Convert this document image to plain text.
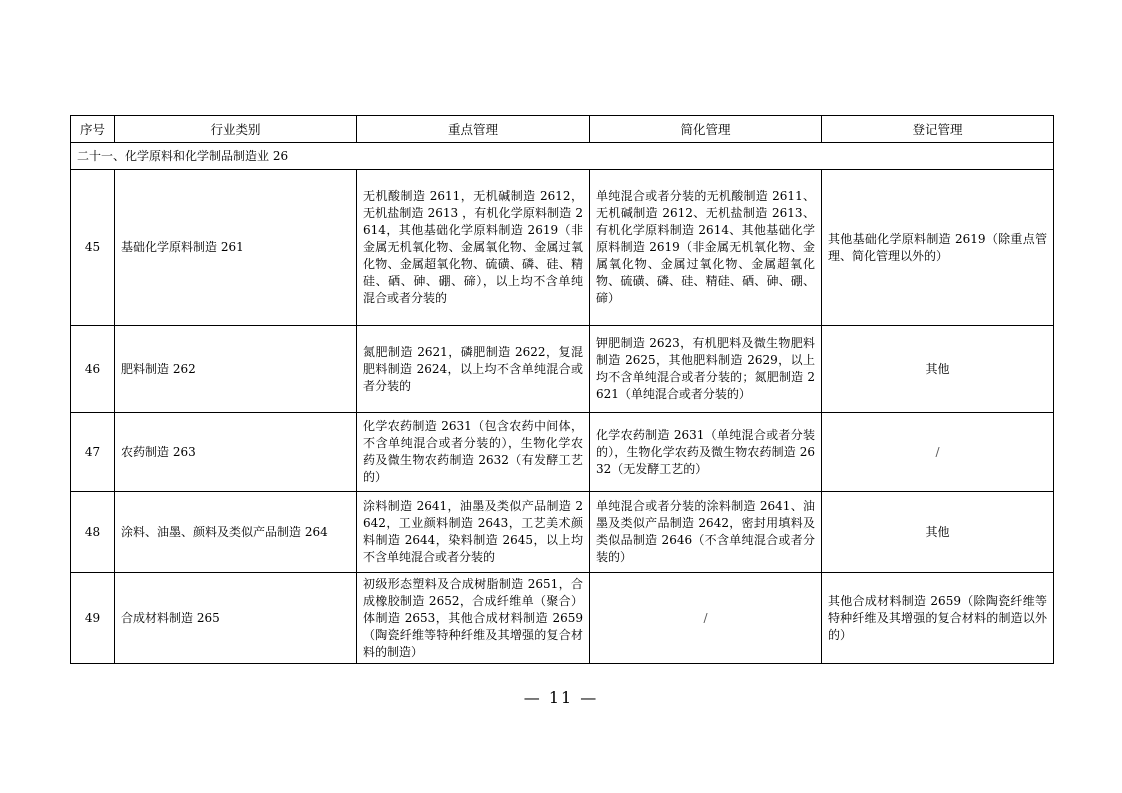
序号	行业类别	重点管理	简化管理	登记管理
二十一、化学原料和化学制品制造业 26				
45	基础化学原料制造 261	无机酸制造 2611，无机碱制造 2612，无机盐制造 2613 ，有机化学原料制造 2614，其他基础化学原料制造 2619（非金属无机氧化物、金属氧化物、金属过氧化物、金属超氧化物、硫磺、磷、硅、精硅、硒、砷、硼、碲），以上均不含单纯混合或者分装的	单纯混合或者分装的无机酸制造 2611、无机碱制造 2612、无机盐制造 2613、有机化学原料制造 2614、其他基础化学原料制造 2619（非金属无机氧化物、金属氧化物、金属过氧化物、金属超氧化物、硫磺、磷、硅、精硅、硒、砷、硼、碲）	其他基础化学原料制造 2619（除重点管理、简化管理以外的）
46	肥料制造 262	氮肥制造 2621，磷肥制造 2622，复混肥料制造 2624，以上均不含单纯混合或者分装的	钾肥制造 2623，有机肥料及微生物肥料制造 2625，其他肥料制造 2629，以上均不含单纯混合或者分装的；氮肥制造 2621（单纯混合或者分装的）	其他
47	农药制造 263	化学农药制造 2631（包含农药中间体，不含单纯混合或者分装的），生物化学农药及微生物农药制造 2632（有发酵工艺的）	化学农药制造 2631（单纯混合或者分装的），生物化学农药及微生物农药制造 2632（无发酵工艺的）	/
48	涂料、油墨、颜料及类似产品制造 264	涂料制造 2641，油墨及类似产品制造 2642，工业颜料制造 2643，工艺美术颜料制造 2644，染料制造 2645，以上均不含单纯混合或者分装的	单纯混合或者分装的涂料制造 2641、油墨及类似产品制造 2642，密封用填料及类似品制造 2646（不含单纯混合或者分装的）	其他
49	合成材料制造 265	初级形态塑料及合成树脂制造 2651，合成橡胶制造 2652，合成纤维单（聚合）体制造 2653，其他合成材料制造 2659（陶瓷纤维等特种纤维及其增强的复合材料的制造）	/	其他合成材料制造 2659（除陶瓷纤维等特种纤维及其增强的复合材料的制造以外的）
— 11 —
